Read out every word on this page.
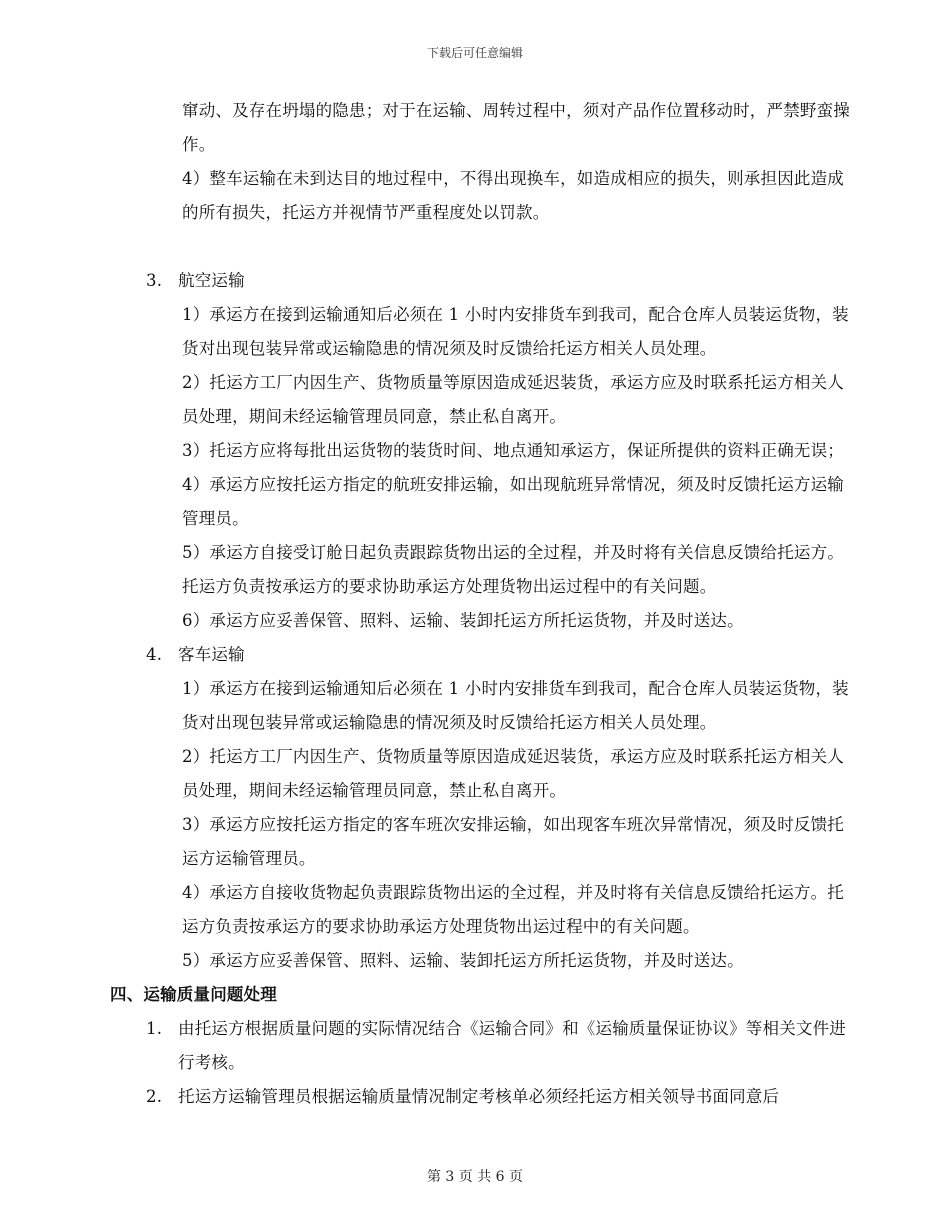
下载后可任意编辑

窜动、及存在坍塌的隐患；对于在运输、周转过程中，须对产品作位置移动时，严禁野蛮操作。

4）整车运输在未到达目的地过程中，不得出现换车，如造成相应的损失，则承担因此造成的所有损失，托运方并视情节严重程度处以罚款。

3. 航空运输

1）承运方在接到运输通知后必须在 1 小时内安排货车到我司，配合仓库人员装运货物，装货对出现包装异常或运输隐患的情况须及时反馈给托运方相关人员处理。

2）托运方工厂内因生产、货物质量等原因造成延迟装货，承运方应及时联系托运方相关人员处理，期间未经运输管理员同意，禁止私自离开。

3）托运方应将每批出运货物的装货时间、地点通知承运方，保证所提供的资料正确无误；

4）承运方应按托运方指定的航班安排运输，如出现航班异常情况，须及时反馈托运方运输管理员。

5）承运方自接受订舱日起负责跟踪货物出运的全过程，并及时将有关信息反馈给托运方。托运方负责按承运方的要求协助承运方处理货物出运过程中的有关问题。

6）承运方应妥善保管、照料、运输、装卸托运方所托运货物，并及时送达。

4. 客车运输

1）承运方在接到运输通知后必须在 1 小时内安排货车到我司，配合仓库人员装运货物，装货对出现包装异常或运输隐患的情况须及时反馈给托运方相关人员处理。

2）托运方工厂内因生产、货物质量等原因造成延迟装货，承运方应及时联系托运方相关人员处理，期间未经运输管理员同意，禁止私自离开。

3）承运方应按托运方指定的客车班次安排运输，如出现客车班次异常情况，须及时反馈托运方运输管理员。

4）承运方自接收货物起负责跟踪货物出运的全过程，并及时将有关信息反馈给托运方。托运方负责按承运方的要求协助承运方处理货物出运过程中的有关问题。

5）承运方应妥善保管、照料、运输、装卸托运方所托运货物，并及时送达。

四、运输质量问题处理

1. 由托运方根据质量问题的实际情况结合《运输合同》和《运输质量保证协议》等相关文件进行考核。
2. 托运方运输管理员根据运输质量情况制定考核单必须经托运方相关领导书面同意后
第 3 页 共 6 页
